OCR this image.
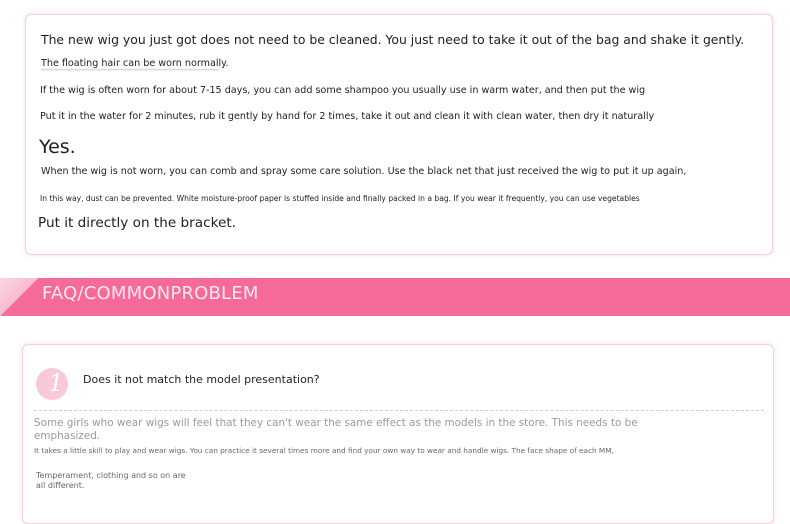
The new wig you just got does not need to be cleaned. You just need to take it out of the bag and shake it gently.
The floating hair can be worn normally.
▔▔▔▔▔▔▔▔▔▔▔▔▔▔▔▔▔▔▔▔▔
If the wig is often worn for about 7-15 days, you can add some shampoo you usually use in warm water, and then put the wig
Put it in the water for 2 minutes, rub it gently by hand for 2 times, take it out and clean it with clean water, then dry it naturally
Yes.
When the wig is not worn, you can comb and spray some care solution. Use the black net that just received the wig to put it up again,
In this way, dust can be prevented. White moisture-proof paper is stuffed inside and finally packed in a bag. If you wear it frequently, you can use vegetables
Put it directly on the bracket.
FAQ/COMMONPROBLEM
1	Does it not match the model presentation?
Some girls who wear wigs will feel that they can't wear the same effect as the models in the store. This needs to be
emphasized.
It takes a little skill to play and wear wigs. You can practice it several times more and find your own way to wear and handle wigs. The face shape of each MM,
Temperament, clothing and so on are
all different.
